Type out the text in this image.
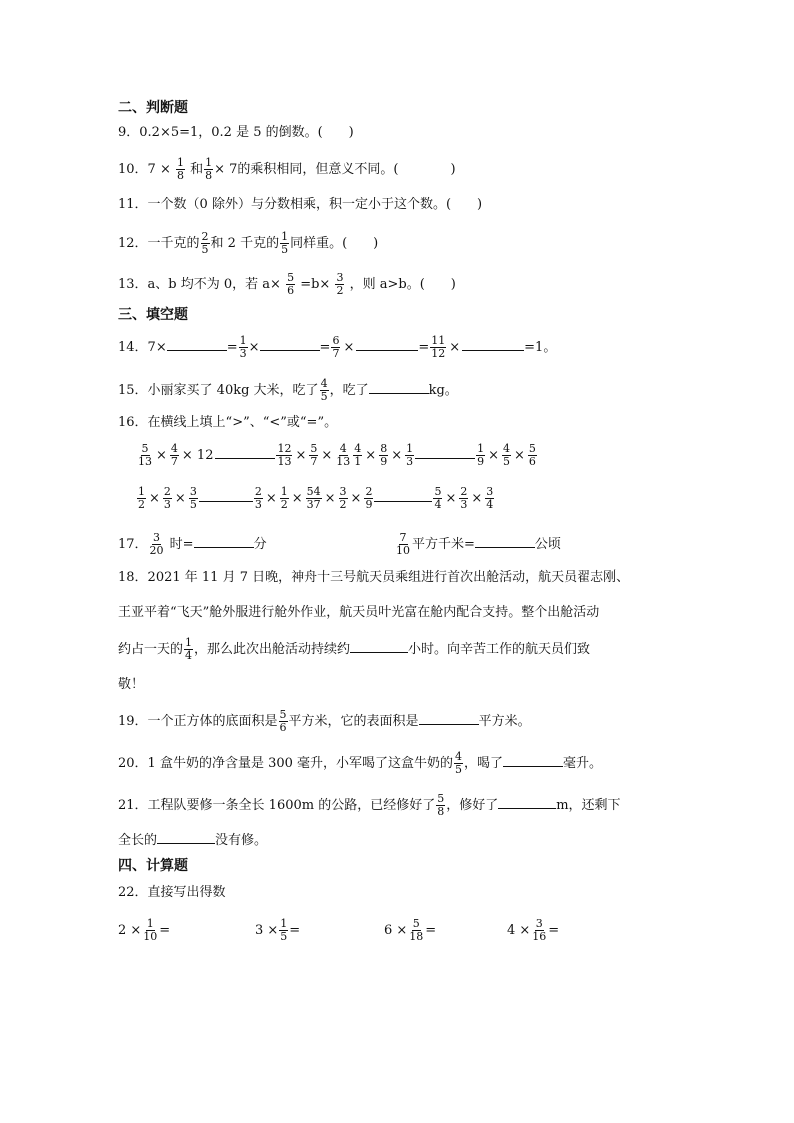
二、判断题
9．0.2×5=1，0.2 是 5 的倒数。(　　)
10．$7 \times \frac{1}{8}$ 和 $\frac{1}{8} \times 7$的乘积相同，但意义不同。(　　　　)
11．一个数（0 除外）与分数相乘，积一定小于这个数。(　　)
12．一千克的 $\frac{2}{5}$ 和 2 千克的 $\frac{1}{5}$ 同样重。(　　)
13．a、b 均不为 0，若 $a\times \frac{5}{6} =b\times \frac{3}{2}$ ，则 a>b。(　　)
三、填空题
14．7×	= $\frac{1}{3}$ ×	= $\frac{6}{7}$ ×	= $\frac{11}{12}$ ×	=1。
15．小丽家买了 40kg 大米，吃了 $\frac{4}{5}$ ，吃了	kg。
16．在横线上填上“>”、“<”或“=”。
$\frac{5}{13} \times \frac{4}{7} \times 12$	$\frac{12}{13} \times \frac{5}{7} \times \frac{4}{13} \frac{4}{1} \times \frac{8}{9} \times \frac{1}{3}$	$\frac{1}{9} \times \frac{4}{5} \times \frac{5}{6}$
$\frac{1}{2} \times \frac{2}{3} \times \frac{3}{5}$	$\frac{2}{3} \times \frac{1}{2} \times \frac{54}{37} \times \frac{3}{2} \times \frac{2}{9}$	$\frac{5}{4} \times \frac{2}{3} \times \frac{3}{4}$
17． $\frac{3}{20}$ 时=	分	$\frac{7}{10}$ 平方千米=	公顷
18．2021 年 11 月 7 日晚，神舟十三号航天员乘组进行首次出舱活动，航天员翟志刚、
王亚平着“飞天”舱外服进行舱外作业，航天员叶光富在舱内配合支持。整个出舱活动
约占一天的 $\frac{1}{4}$ ，那么此次出舱活动持续约	小时。向辛苦工作的航天员们致
敬！
19．一个正方体的底面积是 $\frac{5}{6}$ 平方米，它的表面积是	平方米。
20．1 盒牛奶的净含量是 300 毫升，小军喝了这盒牛奶的 $\frac{4}{5}$ ，喝了	毫升。
21．工程队要修一条全长 1600m 的公路，已经修好了 $\frac{5}{8}$ ，修好了	m，还剩下
全长的	没有修。
四、计算题
22．直接写出得数
$2 \times \frac{1}{10}$ =	$3 \times \frac{1}{5}$ =	$6 \times \frac{5}{18}$ =	$4 \times \frac{3}{16}$ =
